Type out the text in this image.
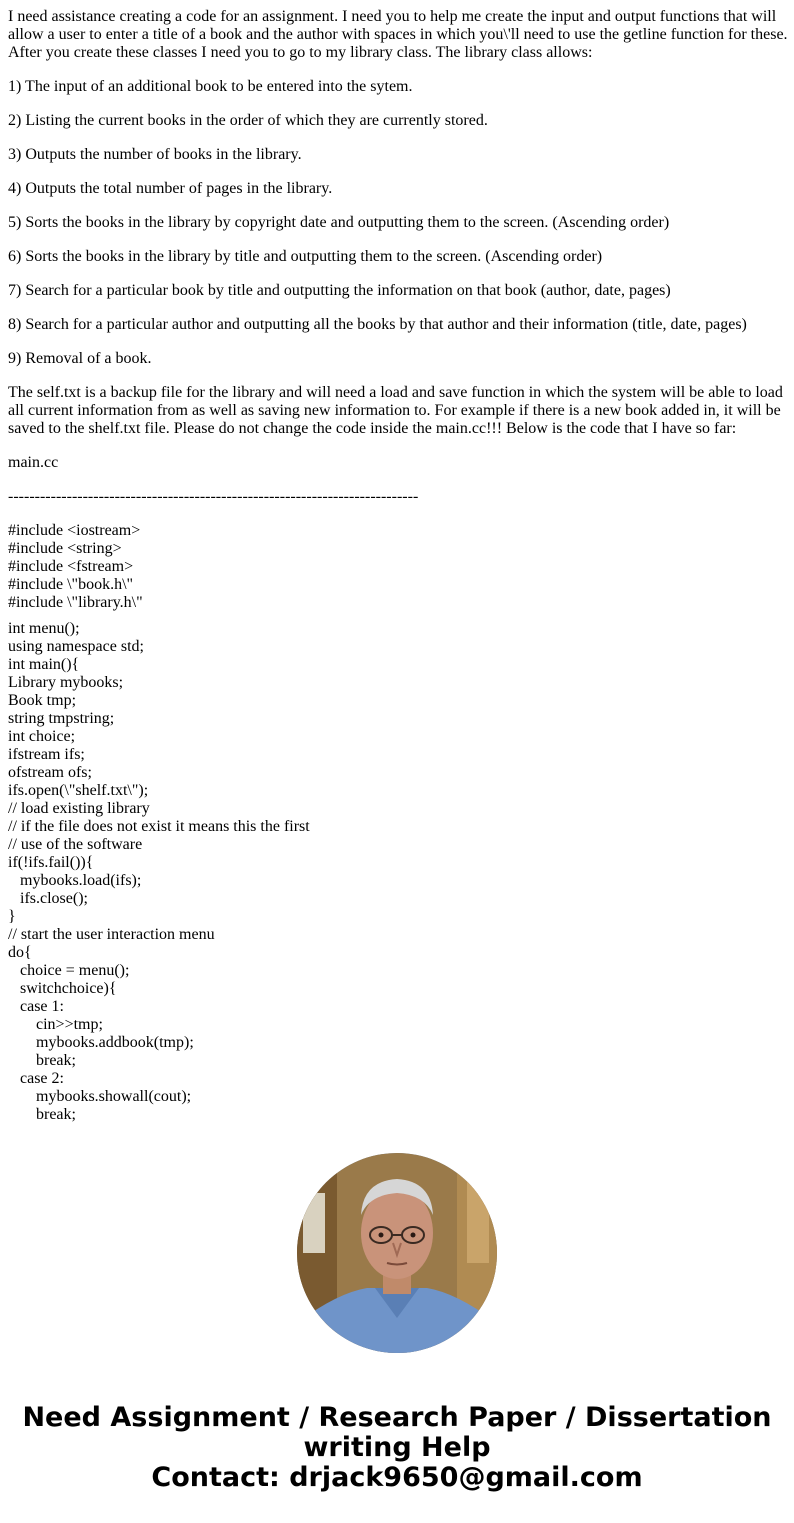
I need assistance creating a code for an assignment. I need you to help me create the input and output functions that will allow a user to enter a title of a book and the author with spaces in which you\'ll need to use the getline function for these. After you create these classes I need you to go to my library class. The library class allows:

1) The input of an additional book to be entered into the sytem.

2) Listing the current books in the order of which they are currently stored.

3) Outputs the number of books in the library.

4) Outputs the total number of pages in the library.

5) Sorts the books in the library by copyright date and outputting them to the screen. (Ascending order)

6) Sorts the books in the library by title and outputting them to the screen. (Ascending order)

7) Search for a particular book by title and outputting the information on that book (author, date, pages)

8) Search for a particular author and outputting all the books by that author and their information (title, date, pages)

9) Removal of a book.

The self.txt is a backup file for the library and will need a load and save function in which the system will be able to load all current information from as well as saving new information to. For example if there is a new book added in, it will be saved to the shelf.txt file. Please do not change the code inside the main.cc!!! Below is the code that I have so far:

main.cc

-----------------------------------------------------------------------------

#include <iostream>
#include <string>
#include <fstream>
#include \"book.h\"
#include \"library.h\"
int menu();
using namespace std;
int main(){
Library mybooks;
Book tmp;
string tmpstring;
int choice;
ifstream ifs;
ofstream ofs;
ifs.open(\"shelf.txt\");
// load existing library
// if the file does not exist it means this the first
// use of the software
if(!ifs.fail()){
mybooks.load(ifs);
ifs.close();
}
// start the user interaction menu
do{
choice = menu();
switchchoice){
case 1:
cin>>tmp;
mybooks.addbook(tmp);
break;
case 2:
mybooks.showall(cout);
break;
Need Assignment / Research Paper / Dissertation writing Help
Contact: drjack9650@gmail.com
